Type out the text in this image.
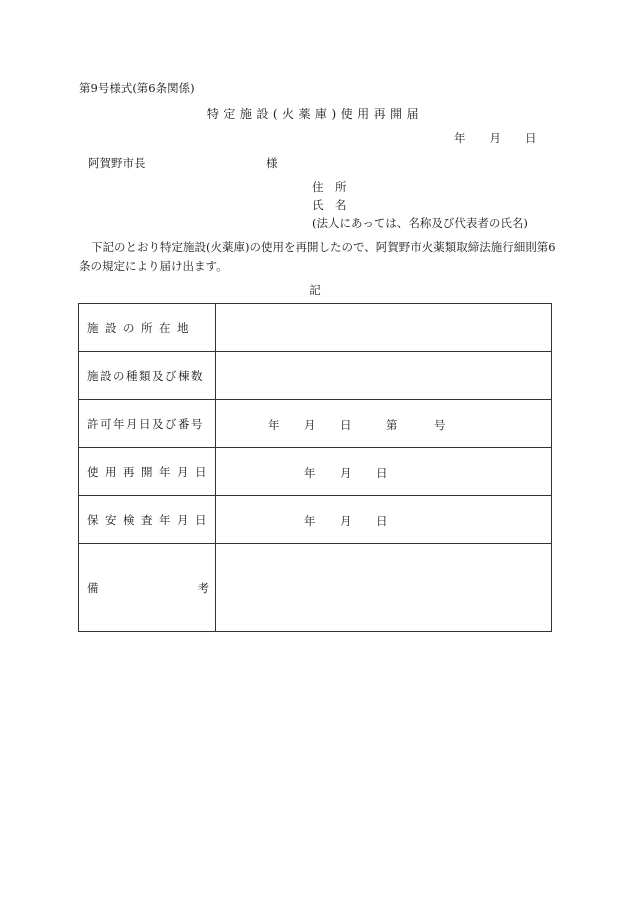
第9号様式(第6条関係)
特定施設(火薬庫)使用再開届
年 月 日
阿賀野市長	様
住　所
氏　名
(法人にあっては、名称及び代表者の氏名)
下記のとおり特定施設(火薬庫)の使用を再開したので、阿賀野市火薬類取締法施行細則第6条の規定により届け出ます。
記
施設の所在地	
施設の種類及び棟数	
許可年月日及び番号	年 月 日 第 号

使用再開年月日	年 月 日

保安検査年月日	年 月 日

備 考	
